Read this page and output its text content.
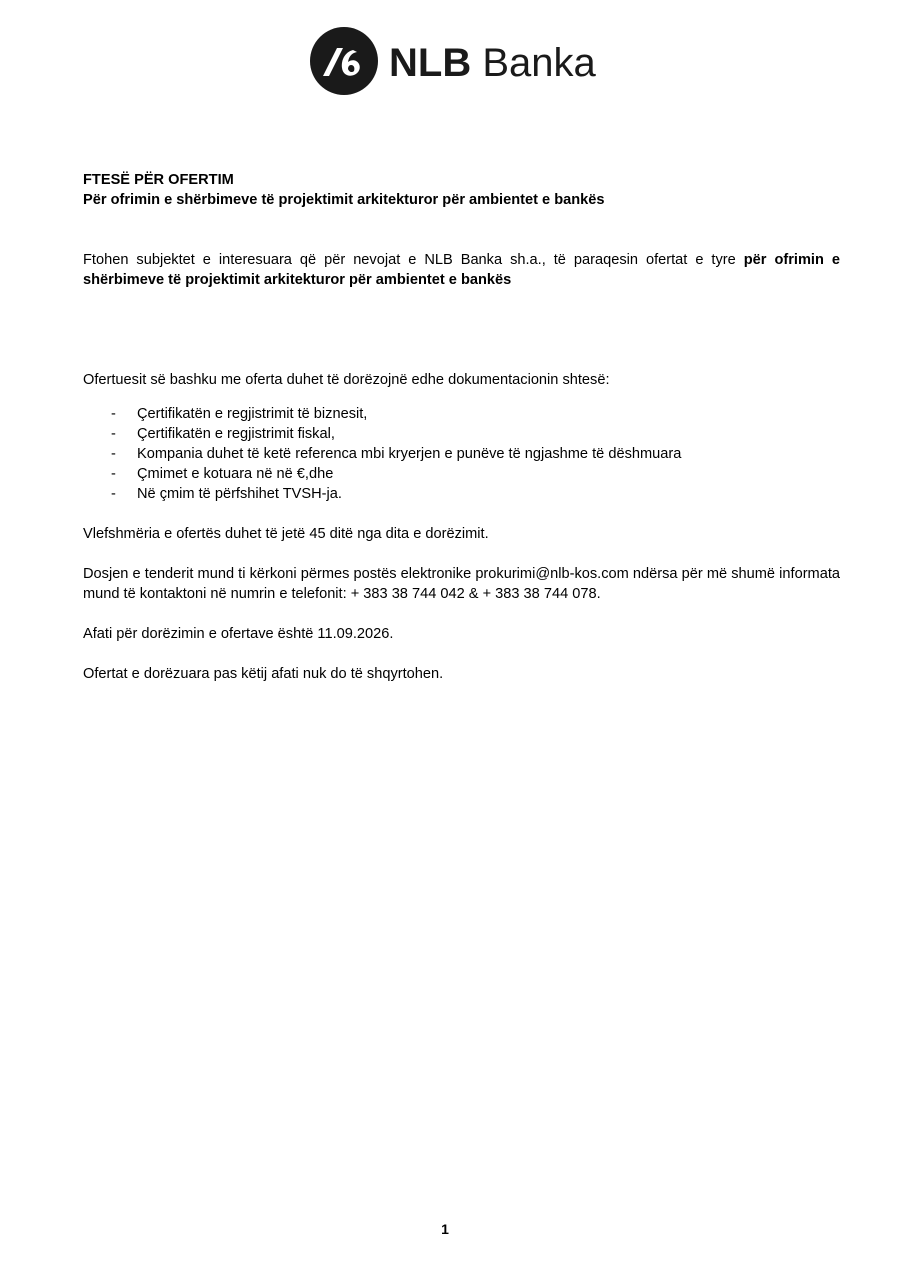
NLB Banka

FTESË PËR OFERTIM

Për ofrimin e shërbimeve të projektimit arkitekturor për ambientet e bankës

Ftohen subjektet e interesuara që për nevojat e NLB Banka sh.a., të paraqesin ofertat e tyre për ofrimin e shërbimeve të projektimit arkitekturor për ambientet e bankës

Ofertuesit së bashku me oferta duhet të dorëzojnë edhe dokumentacionin shtesë:

- Çertifikatën e regjistrimit të biznesit,
- Çertifikatën e regjistrimit fiskal,
- Kompania duhet të ketë referenca mbi kryerjen e punëve të ngjashme të dëshmuara
- Çmimet e kotuara në në €,dhe
- Në çmim të përfshihet TVSH-ja.

Vlefshmëria e ofertës duhet të jetë 45 ditë nga dita e dorëzimit.

Dosjen e tenderit mund ti kërkoni përmes postës elektronike prokurimi@nlb-kos.com ndërsa për më shumë informata mund të kontaktoni në numrin e telefonit: + 383 38 744 042 & + 383 38 744 078.

Afati për dorëzimin e ofertave është 11.09.2026.

Ofertat e dorëzuara pas këtij afati nuk do të shqyrtohen.

1
